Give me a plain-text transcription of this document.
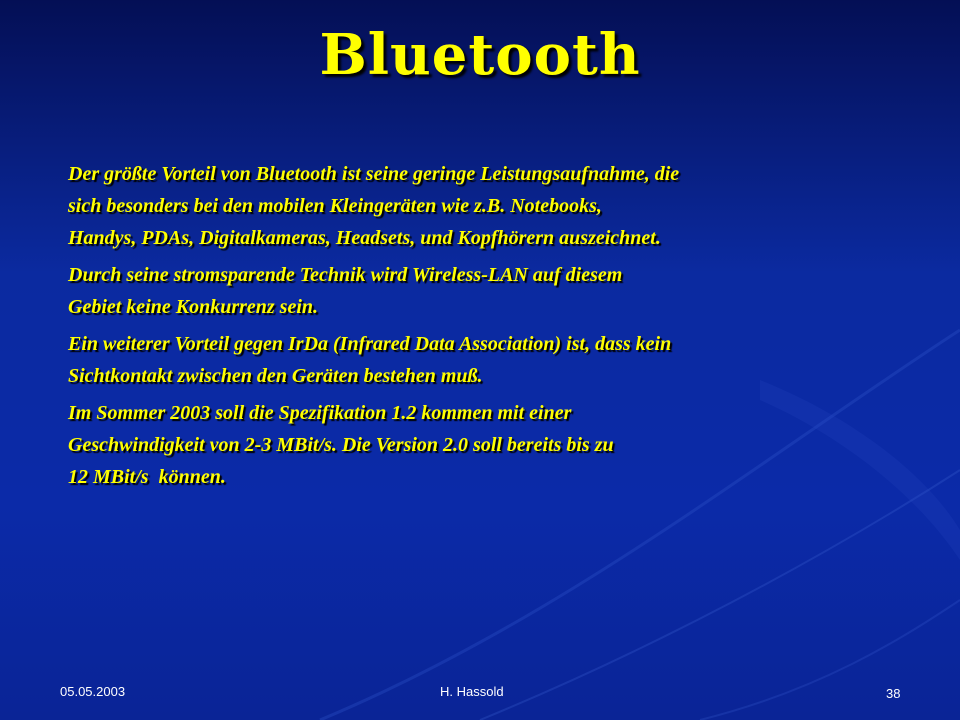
Bluetooth

Der größte Vorteil von Bluetooth ist seine geringe Leistungsaufnahme, die
sich besonders bei den mobilen Kleingeräten wie z.B. Notebooks,
Handys, PDAs, Digitalkameras, Headsets, und Kopfhörern auszeichnet.

Durch seine stromsparende Technik wird Wireless-LAN auf diesem
Gebiet keine Konkurrenz sein.

Ein weiterer Vorteil gegen IrDa (Infrared Data Association) ist, dass kein
Sichtkontakt zwischen den Geräten bestehen muß.

Im Sommer 2003 soll die Spezifikation 1.2 kommen mit einer
Geschwindigkeit von 2-3 MBit/s. Die Version 2.0 soll bereits bis zu
12 MBit/s  können.

05.05.2003	H. Hassold	38
